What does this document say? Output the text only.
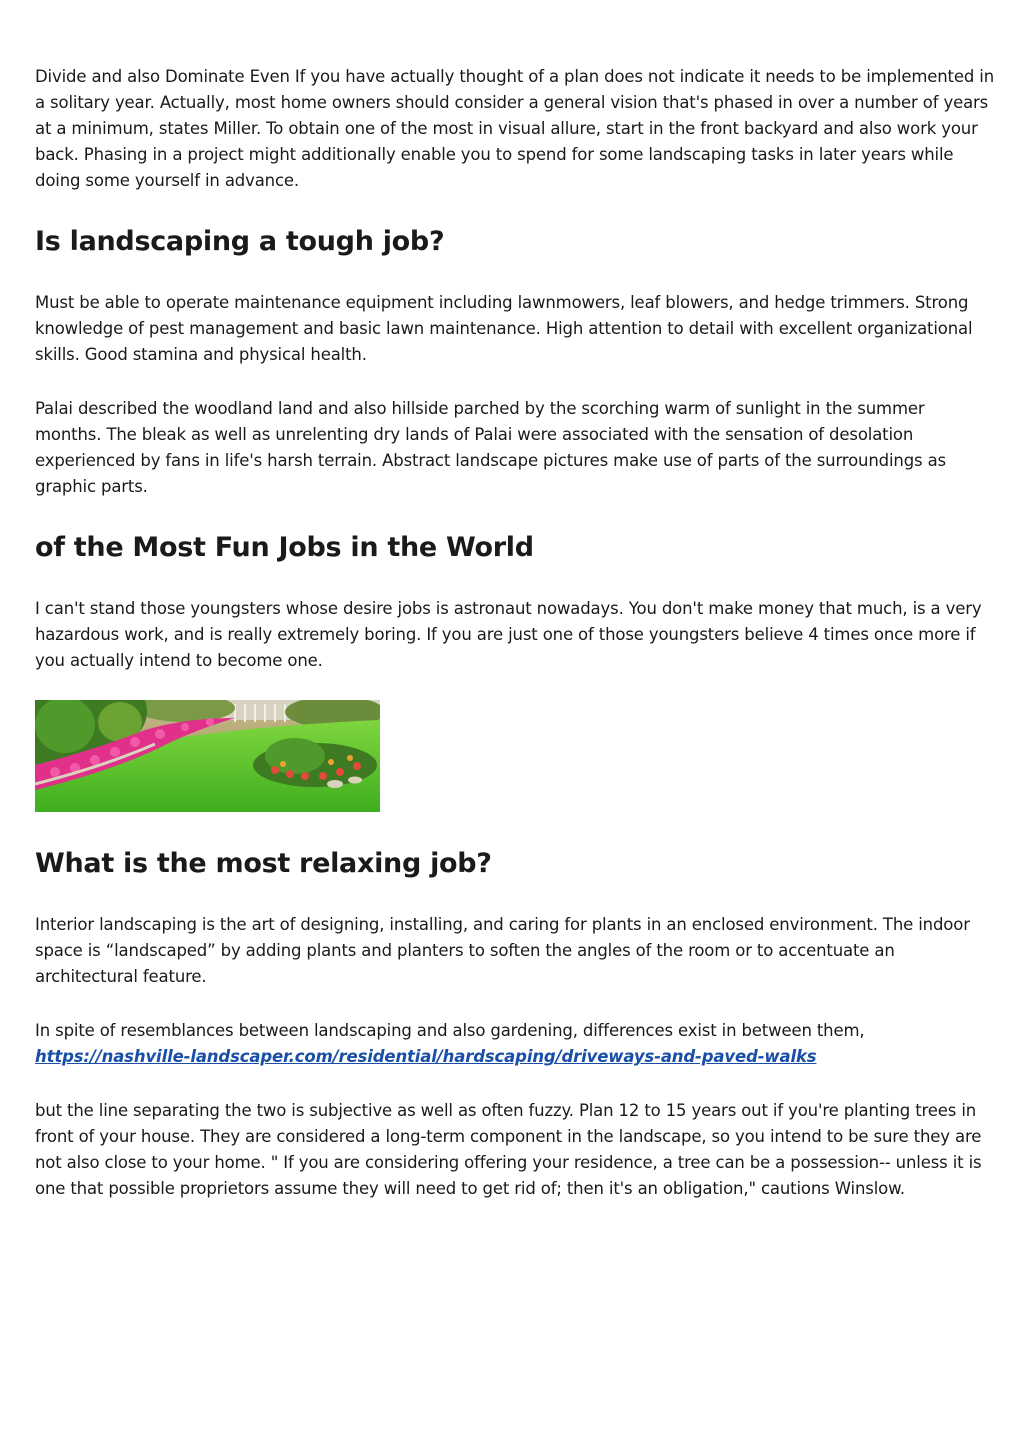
Divide and also Dominate Even If you have actually thought of a plan does not indicate it needs to be implemented in a solitary year. Actually, most home owners should consider a general vision that's phased in over a number of years at a minimum, states Miller. To obtain one of the most in visual allure, start in the front backyard and also work your back. Phasing in a project might additionally enable you to spend for some landscaping tasks in later years while doing some yourself in advance.

Is landscaping a tough job?

Must be able to operate maintenance equipment including lawnmowers, leaf blowers, and hedge trimmers. Strong knowledge of pest management and basic lawn maintenance. High attention to detail with excellent organizational skills. Good stamina and physical health.

Palai described the woodland land and also hillside parched by the scorching warm of sunlight in the summer months. The bleak as well as unrelenting dry lands of Palai were associated with the sensation of desolation experienced by fans in life's harsh terrain. Abstract landscape pictures make use of parts of the surroundings as graphic parts.

of the Most Fun Jobs in the World

I can't stand those youngsters whose desire jobs is astronaut nowadays. You don't make money that much, is a very hazardous work, and is really extremely boring. If you are just one of those youngsters believe 4 times once more if you actually intend to become one.

What is the most relaxing job?

Interior landscaping is the art of designing, installing, and caring for plants in an enclosed environment. The indoor space is “landscaped” by adding plants and planters to soften the angles of the room or to accentuate an architectural feature.

In spite of resemblances between landscaping and also gardening, differences exist in between them,
https://nashville-landscaper.com/residential/hardscaping/driveways-and-paved-walks

but the line separating the two is subjective as well as often fuzzy. Plan 12 to 15 years out if you're planting trees in front of your house. They are considered a long-term component in the landscape, so you intend to be sure they are not also close to your home. " If you are considering offering your residence, a tree can be a possession-- unless it is one that possible proprietors assume they will need to get rid of; then it's an obligation," cautions Winslow.
